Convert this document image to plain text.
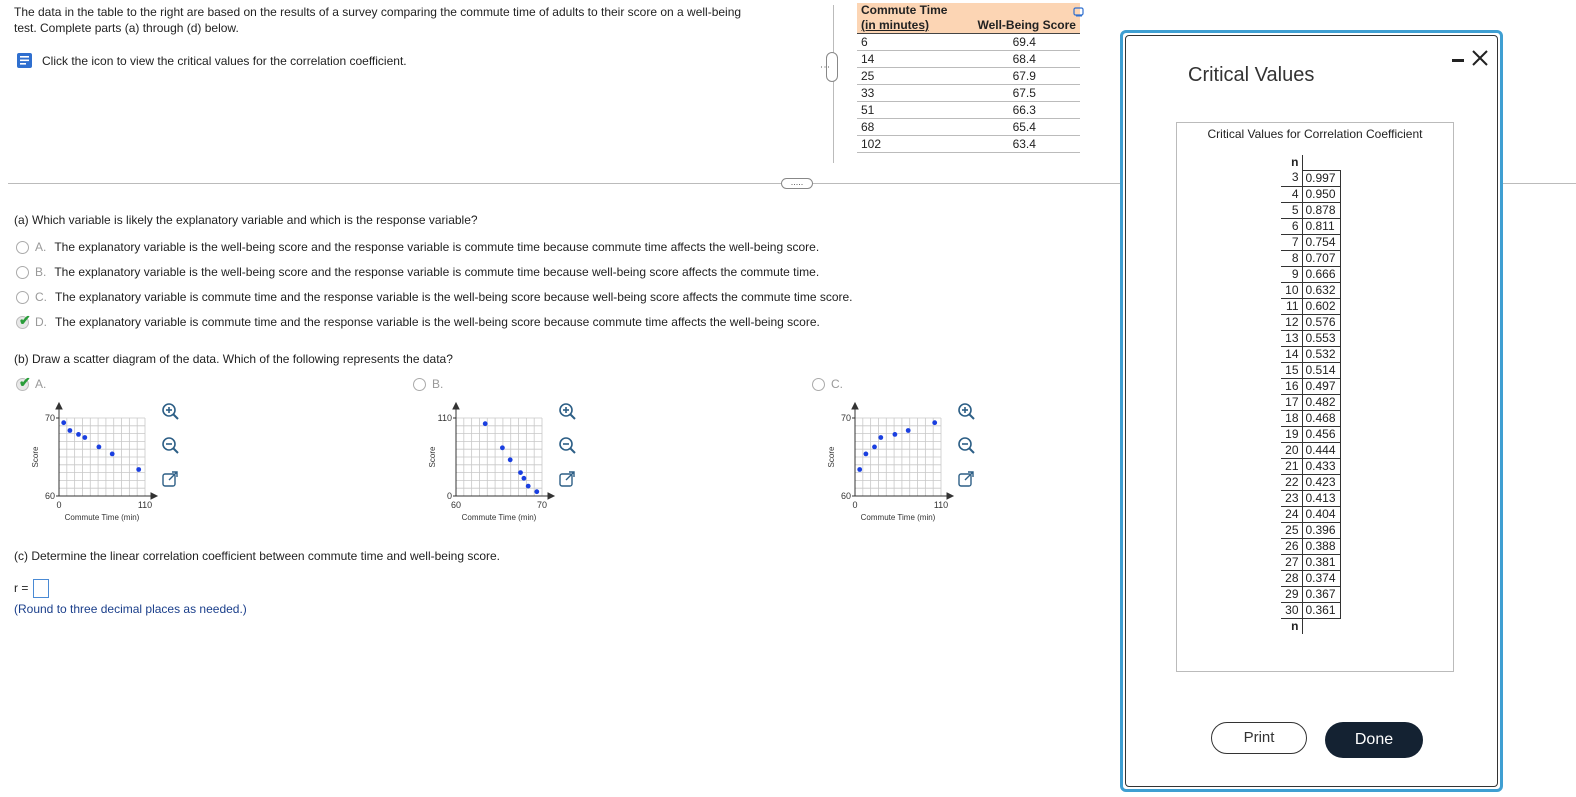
The data in the table to the right are based on the results of a survey comparing the commute time of adults to their score on a well-being
test. Complete parts (a) through (d) below.
Click the icon to view the critical values for the correlation coefficient.
Commute Time
(in minutes)	Well-Being Score
6	69.4
14	68.4
25	67.9
33	67.5
51	66.3
68	65.4
102	63.4
⋮
.....
(a) Which variable is likely the explanatory variable and which is the response variable?
A. The explanatory variable is the well-being score and the response variable is commute time because commute time affects the well-being score.
B. The explanatory variable is the well-being score and the response variable is commute time because well-being score affects the commute time.
C. The explanatory variable is commute time and the response variable is the well-being score because well-being score affects the commute time score.
✔ D. The explanatory variable is commute time and the response variable is the well-being score because commute time affects the well-being score.
(b) Draw a scatter diagram of the data. Which of the following represents the data?
✔ A.
70
60
0	110
Commute Time (min)
Score
B.
110
0
60	70
Commute Time (min)
Score
C.
70
60
0	110
Commute Time (min)
Score
(c) Determine the linear correlation coefficient between commute time and well-being score.
r =
(Round to three decimal places as needed.)
Critical Values
Critical Values for Correlation Coefficient
n	
3	0.997
4	0.950
5	0.878
6	0.811
7	0.754
8	0.707
9	0.666
10	0.632
11	0.602
12	0.576
13	0.553
14	0.532
15	0.514
16	0.497
17	0.482
18	0.468
19	0.456
20	0.444
21	0.433
22	0.423
23	0.413
24	0.404
25	0.396
26	0.388
27	0.381
28	0.374
29	0.367
30	0.361
n	
Print	Done
